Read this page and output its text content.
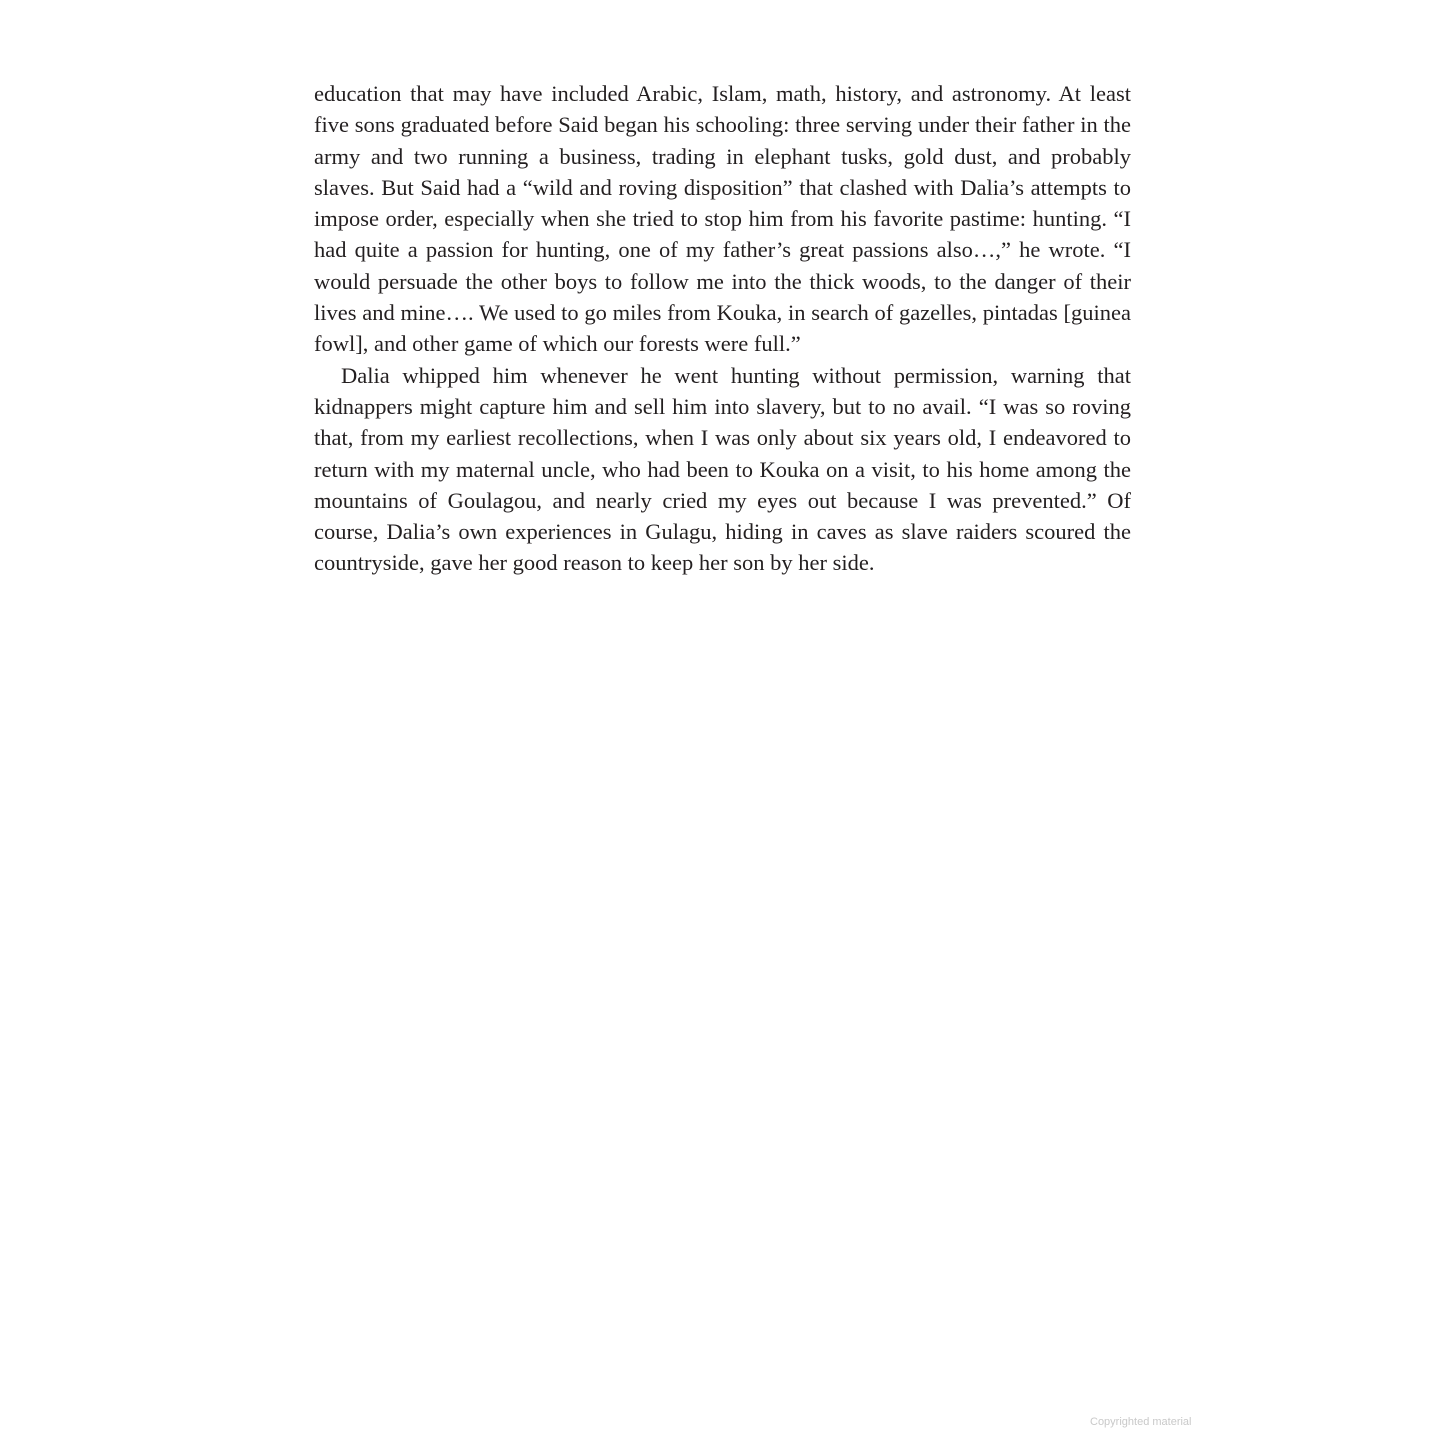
education that may have included Arabic, Islam, math, history, and astronomy. At least five sons graduated before Said began his schooling: three serving under their father in the army and two running a business, trading in elephant tusks, gold dust, and probably slaves. But Said had a “wild and roving disposition” that clashed with Dalia’s attempts to impose order, especially when she tried to stop him from his favorite pastime: hunting. “I had quite a passion for hunting, one of my father’s great passions also…,” he wrote. “I would persuade the other boys to follow me into the thick woods, to the danger of their lives and mine…. We used to go miles from Kouka, in search of gazelles, pintadas [guinea fowl], and other game of which our forests were full.”

Dalia whipped him whenever he went hunting without permission, warning that kidnappers might capture him and sell him into slavery, but to no avail. “I was so roving that, from my earliest recollections, when I was only about six years old, I endeavored to return with my maternal uncle, who had been to Kouka on a visit, to his home among the mountains of Goulagou, and nearly cried my eyes out because I was prevented.” Of course, Dalia’s own experiences in Gulagu, hiding in caves as slave raiders scoured the countryside, gave her good reason to keep her son by her side.

Copyrighted material
